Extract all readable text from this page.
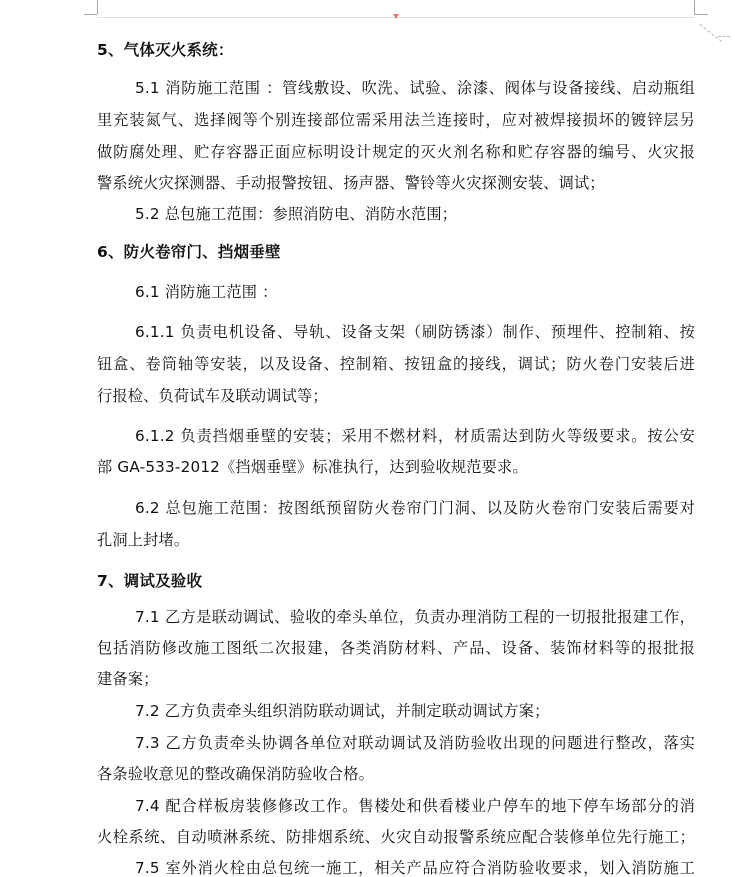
5、气体灭火系统：
5.1 消防施工范围 ：管线敷设、吹洗、试验、涂漆、阀体与设备接线、启动瓶组
里充装氮气、选择阀等个别连接部位需采用法兰连接时，应对被焊接损坏的镀锌层另
做防腐处理、贮存容器正面应标明设计规定的灭火剂名称和贮存容器的编号、火灾报
警系统火灾探测器、手动报警按钮、扬声器、警铃等火灾探测安装、调试；
5.2 总包施工范围：参照消防电、消防水范围；
6、防火卷帘门、挡烟垂壁
6.1 消防施工范围 ：
6.1.1 负责电机设备、导轨、设备支架（刷防锈漆）制作、预埋件、控制箱、按
钮盒、卷筒轴等安装，以及设备、控制箱、按钮盒的接线，调试；防火卷门安装后进
行报检、负荷试车及联动调试等；
6.1.2 负责挡烟垂壁的安装；采用不燃材料，材质需达到防火等级要求。按公安
部 GA-533-2012《挡烟垂壁》标准执行，达到验收规范要求。
6.2 总包施工范围：按图纸预留防火卷帘门门洞、以及防火卷帘门安装后需要对
孔洞上封堵。
7、调试及验收
7.1 乙方是联动调试、验收的牵头单位，负责办理消防工程的一切报批报建工作，
包括消防修改施工图纸二次报建，各类消防材料、产品、设备、装饰材料等的报批报
建备案；
7.2 乙方负责牵头组织消防联动调试，并制定联动调试方案；
7.3 乙方负责牵头协调各单位对联动调试及消防验收出现的问题进行整改，落实
各条验收意见的整改确保消防验收合格。
7.4 配合样板房装修修改工作。售楼处和供看楼业户停车的地下停车场部分的消
火栓系统、自动喷淋系统、防排烟系统、火灾自动报警系统应配合装修单位先行施工；
7.5 室外消火栓由总包统一施工，相关产品应符合消防验收要求，划入消防施工
